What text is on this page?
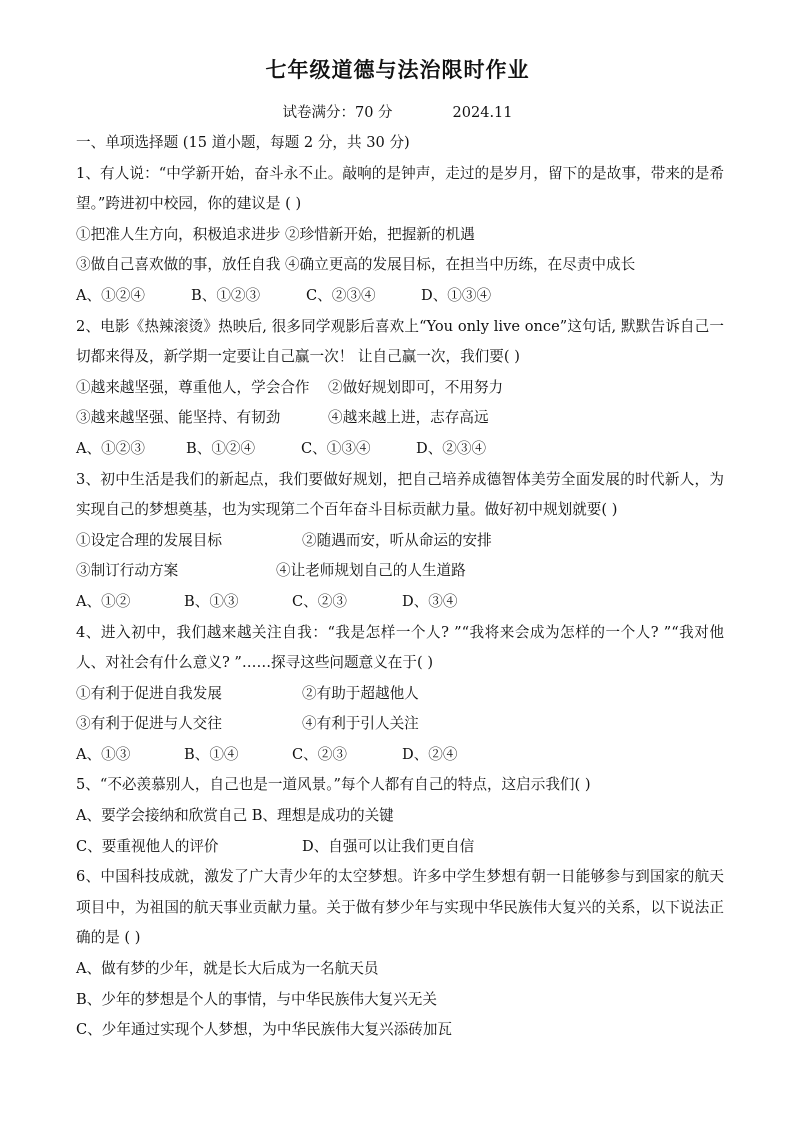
七年级道德与法治限时作业
试卷满分：70 分	2024.11
一、单项选择题 (15 道小题，每题 2 分，共 30 分)
1、有人说：“中学新开始，奋斗永不止。敲响的是钟声，走过的是岁月，留下的是故事，带来的是希望。”跨进初中校园，你的建议是 ( )
①把准人生方向，积极追求进步 ②珍惜新开始，把握新的机遇
③做自己喜欢做的事，放任自我 ④确立更高的发展目标，在担当中历练，在尽责中成长
A、①②④	B、①②③	C、②③④	D、①③④
2、电影《热辣滚烫》热映后, 很多同学观影后喜欢上“You only live once”这句话, 默默告诉自己一切都来得及，新学期一定要让自己赢一次！ 让自己赢一次，我们要( )
①越来越坚强，尊重他人，学会合作 ②做好规划即可，不用努力
③越来越坚强、能坚持、有韧劲	④越来越上进，志存高远
A、①②③	B、①②④	C、①③④	D、②③④
3、初中生活是我们的新起点，我们要做好规划，把自己培养成德智体美劳全面发展的时代新人，为实现自己的梦想奠基，也为实现第二个百年奋斗目标贡献力量。做好初中规划就要( )
①设定合理的发展目标	②随遇而安，听从命运的安排
③制订行动方案	④让老师规划自己的人生道路
A、①②	B、①③	C、②③	D、③④
4、进入初中，我们越来越关注自我：“我是怎样一个人? ”“我将来会成为怎样的一个人? ”“我对他人、对社会有什么意义? ”……探寻这些问题意义在于( )
①有利于促进自我发展	②有助于超越他人
③有利于促进与人交往	④有利于引人关注
A、①③	B、①④	C、②③	D、②④
5、“不必羡慕别人，自己也是一道风景。”每个人都有自己的特点，这启示我们( )
A、要学会接纳和欣赏自己 B、理想是成功的关键
C、要重视他人的评价	D、自强可以让我们更自信
6、中国科技成就，激发了广大青少年的太空梦想。许多中学生梦想有朝一日能够参与到国家的航天项目中，为祖国的航天事业贡献力量。关于做有梦少年与实现中华民族伟大复兴的关系，以下说法正确的是 ( )
A、做有梦的少年，就是长大后成为一名航天员
B、少年的梦想是个人的事情，与中华民族伟大复兴无关
C、少年通过实现个人梦想，为中华民族伟大复兴添砖加瓦
